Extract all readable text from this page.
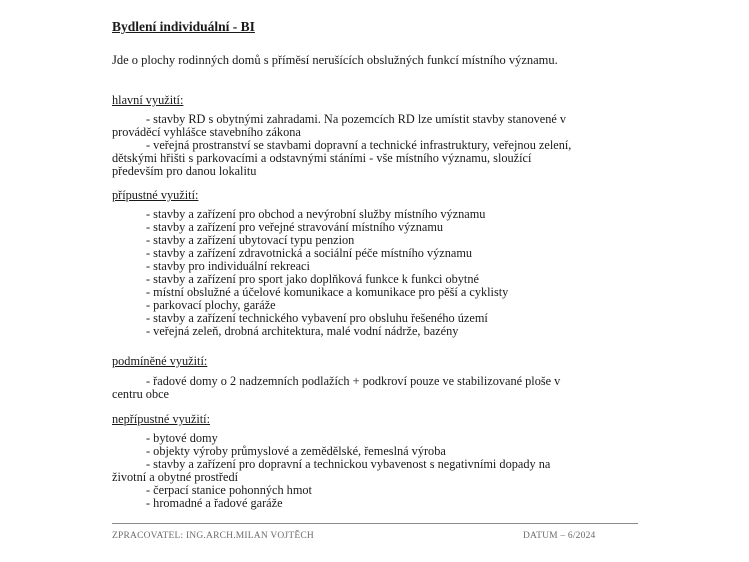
Bydlení individuální - BI

Jde o plochy rodinných domů s příměsí nerušících obslužných funkcí místního významu.

hlavní využití:

- stavby RD s obytnými zahradami. Na pozemcích RD lze umístit stavby stanovené v

prováděcí vyhlášce stavebního zákona

- veřejná prostranství se stavbami dopravní a technické infrastruktury, veřejnou zelení,

dětskými hřišti s parkovacími a odstavnými stáními - vše místního významu, sloužící

především pro danou lokalitu

přípustné využití:

- stavby a zařízení pro obchod a nevýrobní služby místního významu

- stavby a zařízení pro veřejné stravování místního významu

- stavby a zařízení ubytovací typu penzion

- stavby a zařízení zdravotnická a sociální péče místního významu

- stavby pro individuální rekreaci

- stavby a zařízení pro sport jako doplňková funkce k funkci obytné

- místní obslužné a účelové komunikace a komunikace pro pěší a cyklisty

- parkovací plochy, garáže

- stavby a zařízení technického vybavení pro obsluhu řešeného území

- veřejná zeleň, drobná architektura, malé vodní nádrže, bazény

podmíněné využití:

- řadové domy o 2 nadzemních podlažích + podkroví pouze ve stabilizované ploše v

centru obce

nepřípustné využití:

- bytové domy

- objekty výroby průmyslové a zemědělské, řemeslná výroba

- stavby a zařízení pro dopravní a technickou vybavenost s negativními dopady na

životní a obytné prostředí

- čerpací stanice pohonných hmot

- hromadné a řadové garáže

ZPRACOVATEL: ING.ARCH.MILAN VOJTĚCH	DATUM – 6/2024
